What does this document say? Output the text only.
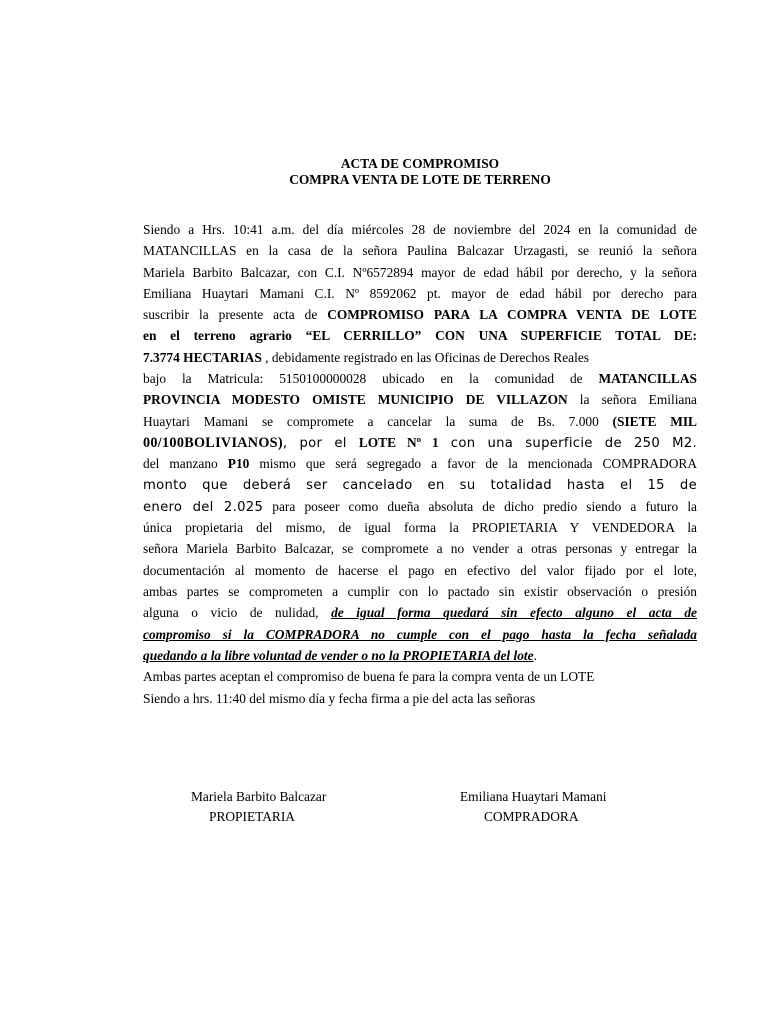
ACTA DE COMPROMISO
COMPRA VENTA DE LOTE DE TERRENO
Siendo a Hrs. 10:41 a.m. del día miércoles 28 de noviembre del 2024 en la comunidad de
MATANCILLAS en la casa de la señora Paulina Balcazar Urzagasti, se reunió la señora
Mariela Barbito Balcazar, con C.I. Nº6572894 mayor de edad hábil por derecho, y la señora
Emiliana Huaytari Mamani C.I. Nº 8592062 pt. mayor de edad hábil por derecho para
suscribir la presente acta de COMPROMISO PARA LA COMPRA VENTA DE LOTE
en el terreno agrario “EL CERRILLO” CON UNA SUPERFICIE TOTAL DE:
7.3774 HECTARIAS , debidamente registrado en las Oficinas de Derechos Reales
bajo la Matricula: 5150100000028 ubicado en la comunidad de MATANCILLAS
PROVINCIA MODESTO OMISTE MUNICIPIO DE VILLAZON la señora Emiliana
Huaytari Mamani se compromete a cancelar la suma de Bs. 7.000 (SIETE MIL
00/100BOLIVIANOS), por el LOTE Nº 1 con una superficie de 250 M2.
del manzano P10 mismo que será segregado a favor de la mencionada COMPRADORA
monto que deberá ser cancelado en su totalidad hasta el 15 de
enero del 2.025 para poseer como dueña absoluta de dicho predio siendo a futuro la
única propietaria del mismo, de igual forma la PROPIETARIA Y VENDEDORA la
señora Mariela Barbito Balcazar, se compromete a no vender a otras personas y entregar la
documentación al momento de hacerse el pago en efectivo del valor fijado por el lote,
ambas partes se comprometen a cumplir con lo pactado sin existir observación o presión
alguna o vicio de nulidad, de igual forma quedará sin efecto alguno el acta de
compromiso si la COMPRADORA no cumple con el pago hasta la fecha señalada
quedando a la libre voluntad de vender o no la PROPIETARIA del lote.
Ambas partes aceptan el compromiso de buena fe para la compra venta de un LOTE
Siendo a hrs. 11:40 del mismo día y fecha firma a pie del acta las señoras
Mariela Barbito Balcazar
PROPIETARIA
Emiliana Huaytari Mamani
COMPRADORA
